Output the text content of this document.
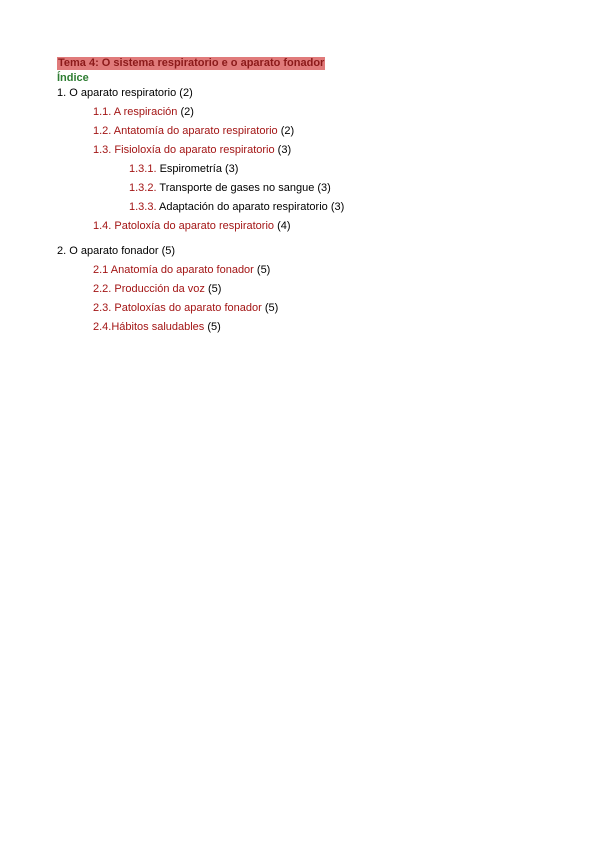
Tema 4: O sistema respiratorio e o aparato fonador
Índice
1. O aparato respiratorio (2)
1.1. A respiración (2)
1.2. Antatomía do aparato respiratorio (2)
1.3. Fisioloxía do aparato respiratorio (3)
1.3.1. Espirometría (3)
1.3.2. Transporte de gases no sangue (3)
1.3.3. Adaptación do aparato respiratorio (3)
1.4. Patoloxía do aparato respiratorio (4)
2. O aparato fonador (5)
2.1 Anatomía do aparato fonador (5)
2.2. Producción da voz (5)
2.3. Patoloxías do aparato fonador (5)
2.4.Hábitos saludables (5)
